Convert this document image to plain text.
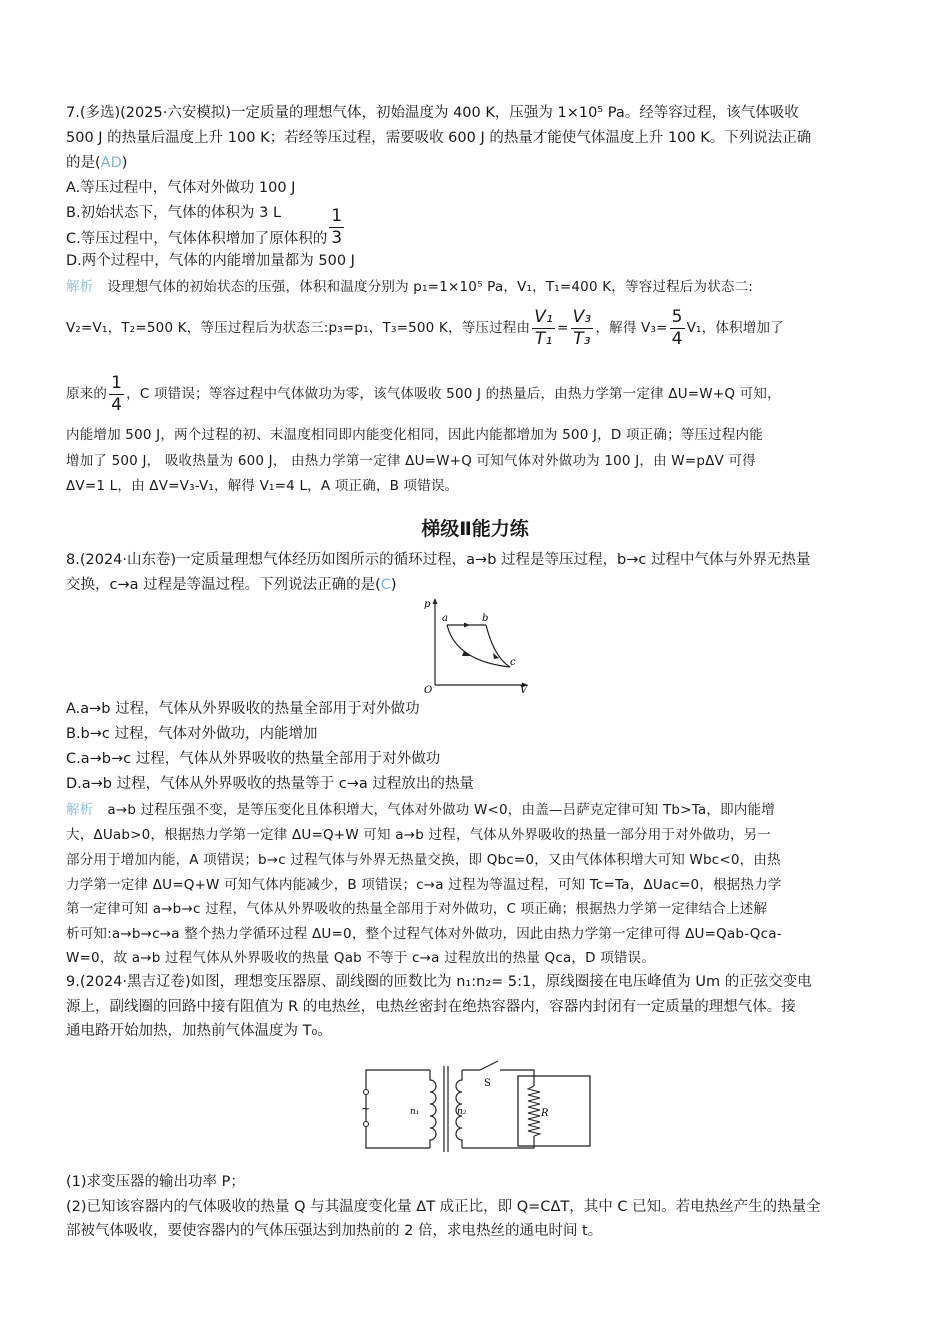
7.(多选)(2025·六安模拟)一定质量的理想气体，初始温度为 400 K，压强为 1×10⁵ Pa。经等容过程，该气体吸收
500 J 的热量后温度上升 100 K；若经等压过程，需要吸收 600 J 的热量才能使气体温度上升 100 K。下列说法正确
的是(AD)
A.等压过程中，气体对外做功 100 J
B.初始状态下，气体的体积为 3 L
C.等压过程中，气体体积增加了原体积的 $\frac{1}{3}$
D.两个过程中，气体的内能增加量都为 500 J
解析 设理想气体的初始状态的压强，体积和温度分别为 p₁=1×10⁵ Pa，V₁，T₁=400 K，等容过程后为状态二:
V₂=V₁，T₂=500 K，等压过程后为状态三:p₃=p₁，T₃=500 K，等压过程由 $\frac{\text{V₁}}{\text{T₁}} = \frac{\text{V₃}}{\text{T₃}}$ ，解得 $V_3= \frac{5}{4} V_1$，体积增加了
原来的 $\frac{1}{4}$ ，C 项错误；等容过程中气体做功为零，该气体吸收 500 J 的热量后，由热力学第一定律 ΔU=W+Q 可知，
内能增加 500 J，两个过程的初、末温度相同即内能变化相同，因此内能都增加为 500 J，D 项正确；等压过程内能
增加了 500 J， 吸收热量为 600 J， 由热力学第一定律 ΔU=W+Q 可知气体对外做功为 100 J，由 W=pΔV 可得
ΔV=1 L，由 ΔV=V₃-V₁，解得 V₁=4 L，A 项正确，B 项错误。
梯级Ⅱ能力练
8.(2024·山东卷)一定质量理想气体经历如图所示的循环过程，a→b 过程是等压过程，b→c 过程中气体与外界无热量
交换，c→a 过程是等温过程。下列说法正确的是(C)
p
V
O
a	b
c
A.a→b 过程，气体从外界吸收的热量全部用于对外做功
B.b→c 过程，气体对外做功，内能增加
C.a→b→c 过程，气体从外界吸收的热量全部用于对外做功
D.a→b 过程，气体从外界吸收的热量等于 c→a 过程放出的热量
解析 a→b 过程压强不变，是等压变化且体积增大，气体对外做功 W<0，由盖—吕萨克定律可知 Tb>Ta，即内能增
大，ΔUab>0，根据热力学第一定律 ΔU=Q+W 可知 a→b 过程，气体从外界吸收的热量一部分用于对外做功，另一
部分用于增加内能，A 项错误；b→c 过程气体与外界无热量交换，即 Qbc=0，又由气体体积增大可知 Wbc<0，由热
力学第一定律 ΔU=Q+W 可知气体内能减少，B 项错误；c→a 过程为等温过程，可知 Tc=Ta，ΔUac=0，根据热力学
第一定律可知 a→b→c 过程，气体从外界吸收的热量全部用于对外做功，C 项正确；根据热力学第一定律结合上述解
析可知:a→b→c→a 整个热力学循环过程 ΔU=0，整个过程气体对外做功，因此由热力学第一定律可得 ΔU=Qab-Qca-
W=0，故 a→b 过程气体从外界吸收的热量 Qab 不等于 c→a 过程放出的热量 Qca，D 项错误。
9.(2024·黑吉辽卷)如图，理想变压器原、副线圈的匝数比为 n₁:n₂= 5:1，原线圈接在电压峰值为 Um 的正弦交变电
源上，副线圈的回路中接有阻值为 R 的电热丝，电热丝密封在绝热容器内，容器内封闭有一定质量的理想气体。接
通电路开始加热，加热前气体温度为 T₀。
~	n₁	n₂
S
R
(1)求变压器的输出功率 P；
(2)已知该容器内的气体吸收的热量 Q 与其温度变化量 ΔT 成正比，即 Q=CΔT，其中 C 已知。若电热丝产生的热量全
部被气体吸收，要使容器内的气体压强达到加热前的 2 倍，求电热丝的通电时间 t。
